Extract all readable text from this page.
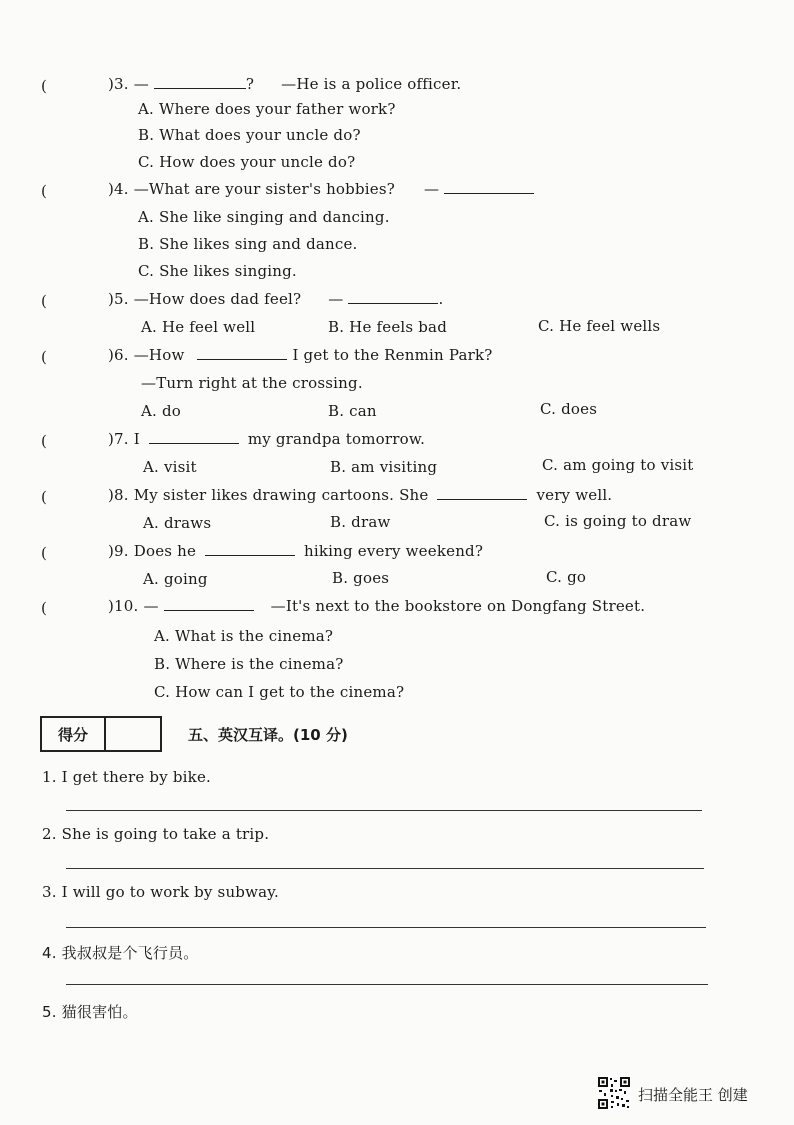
(	)3. —	? —He is a police officer.
A. Where does your father work?
B. What does your uncle do?
C. How does your uncle do?
(	)4. —What are your sister's hobbies? —
A. She like singing and dancing.
B. She likes sing and dance.
C. She likes singing.
(	)5. —How does dad feel? —	.
A. He feel well	B. He feels bad	C. He feel wells
(	)6. —How	I get to the Renmin Park?
—Turn right at the crossing.
A. do	B. can	C. does
(	)7. I	my grandpa tomorrow.
A. visit	B. am visiting	C. am going to visit
(	)8. My sister likes drawing cartoons. She	very well.
A. draws	B. draw	C. is going to draw
(	)9. Does he	hiking every weekend?
A. going	B. goes	C. go
(	)10. —	—It's next to the bookstore on Dongfang Street.
A. What is the cinema?
B. Where is the cinema?
C. How can I get to the cinema?
得分	五、英汉互译。(10 分)
1. I get there by bike.
2. She is going to take a trip.
3. I will go to work by subway.
4. 我叔叔是个飞行员。
5. 猫很害怕。
扫描全能王 创建
